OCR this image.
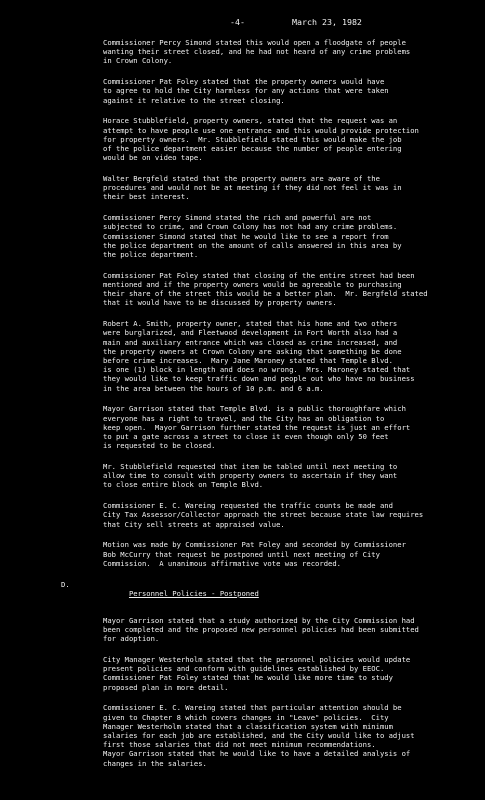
-4-	March 23, 1982

Commissioner Percy Simond stated this would open a floodgate of people
wanting their street closed, and he had not heard of any crime problems
in Crown Colony.

Commissioner Pat Foley stated that the property owners would have
to agree to hold the City harmless for any actions that were taken
against it relative to the street closing.

Horace Stubblefield, property owners, stated that the request was an
attempt to have people use one entrance and this would provide protection
for property owners.  Mr. Stubblefield stated this would make the job
of the police department easier because the number of people entering
would be on video tape.

Walter Bergfeld stated that the property owners are aware of the
procedures and would not be at meeting if they did not feel it was in
their best interest.

Commissioner Percy Simond stated the rich and powerful are not
subjected to crime, and Crown Colony has not had any crime problems.
Commissioner Simond stated that he would like to see a report from
the police department on the amount of calls answered in this area by
the police department.

Commissioner Pat Foley stated that closing of the entire street had been
mentioned and if the property owners would be agreeable to purchasing
their share of the street this would be a better plan.  Mr. Bergfeld stated
that it would have to be discussed by property owners.

Robert A. Smith, property owner, stated that his home and two others
were burglarized, and Fleetwood development in Fort Worth also had a
main and auxiliary entrance which was closed as crime increased, and
the property owners at Crown Colony are asking that something be done
before crime increases.  Mary Jane Maroney stated that Temple Blvd.
is one (1) block in length and does no wrong.  Mrs. Maroney stated that
they would like to keep traffic down and people out who have no business
in the area between the hours of 10 p.m. and 6 a.m.

Mayor Garrison stated that Temple Blvd. is a public thoroughfare which
everyone has a right to travel, and the City has an obligation to
keep open.  Mayor Garrison further stated the request is just an effort
to put a gate across a street to close it even though only 50 feet
is requested to be closed.

Mr. Stubblefield requested that item be tabled until next meeting to
allow time to consult with property owners to ascertain if they want
to close entire block on Temple Blvd.

Commissioner E. C. Wareing requested the traffic counts be made and
City Tax Assessor/Collector approach the street because state law requires
that City sell streets at appraised value.

Motion was made by Commissioner Pat Foley and seconded by Commissioner
Bob McCurry that request be postponed until next meeting of City
Commission.  A unanimous affirmative vote was recorded.

D.
Personnel Policies - Postponed

Mayor Garrison stated that a study authorized by the City Commission had
been completed and the proposed new personnel policies had been submitted
for adoption.

City Manager Westerholm stated that the personnel policies would update
present policies and conform with guidelines established by EEOC.
Commissioner Pat Foley stated that he would like more time to study
proposed plan in more detail.

Commissioner E. C. Wareing stated that particular attention should be
given to Chapter 8 which covers changes in "Leave" policies.  City
Manager Westerholm stated that a classification system with minimum
salaries for each job are established, and the City would like to adjust
first those salaries that did not meet minimum recommendations.
Mayor Garrison stated that he would like to have a detailed analysis of
changes in the salaries.
